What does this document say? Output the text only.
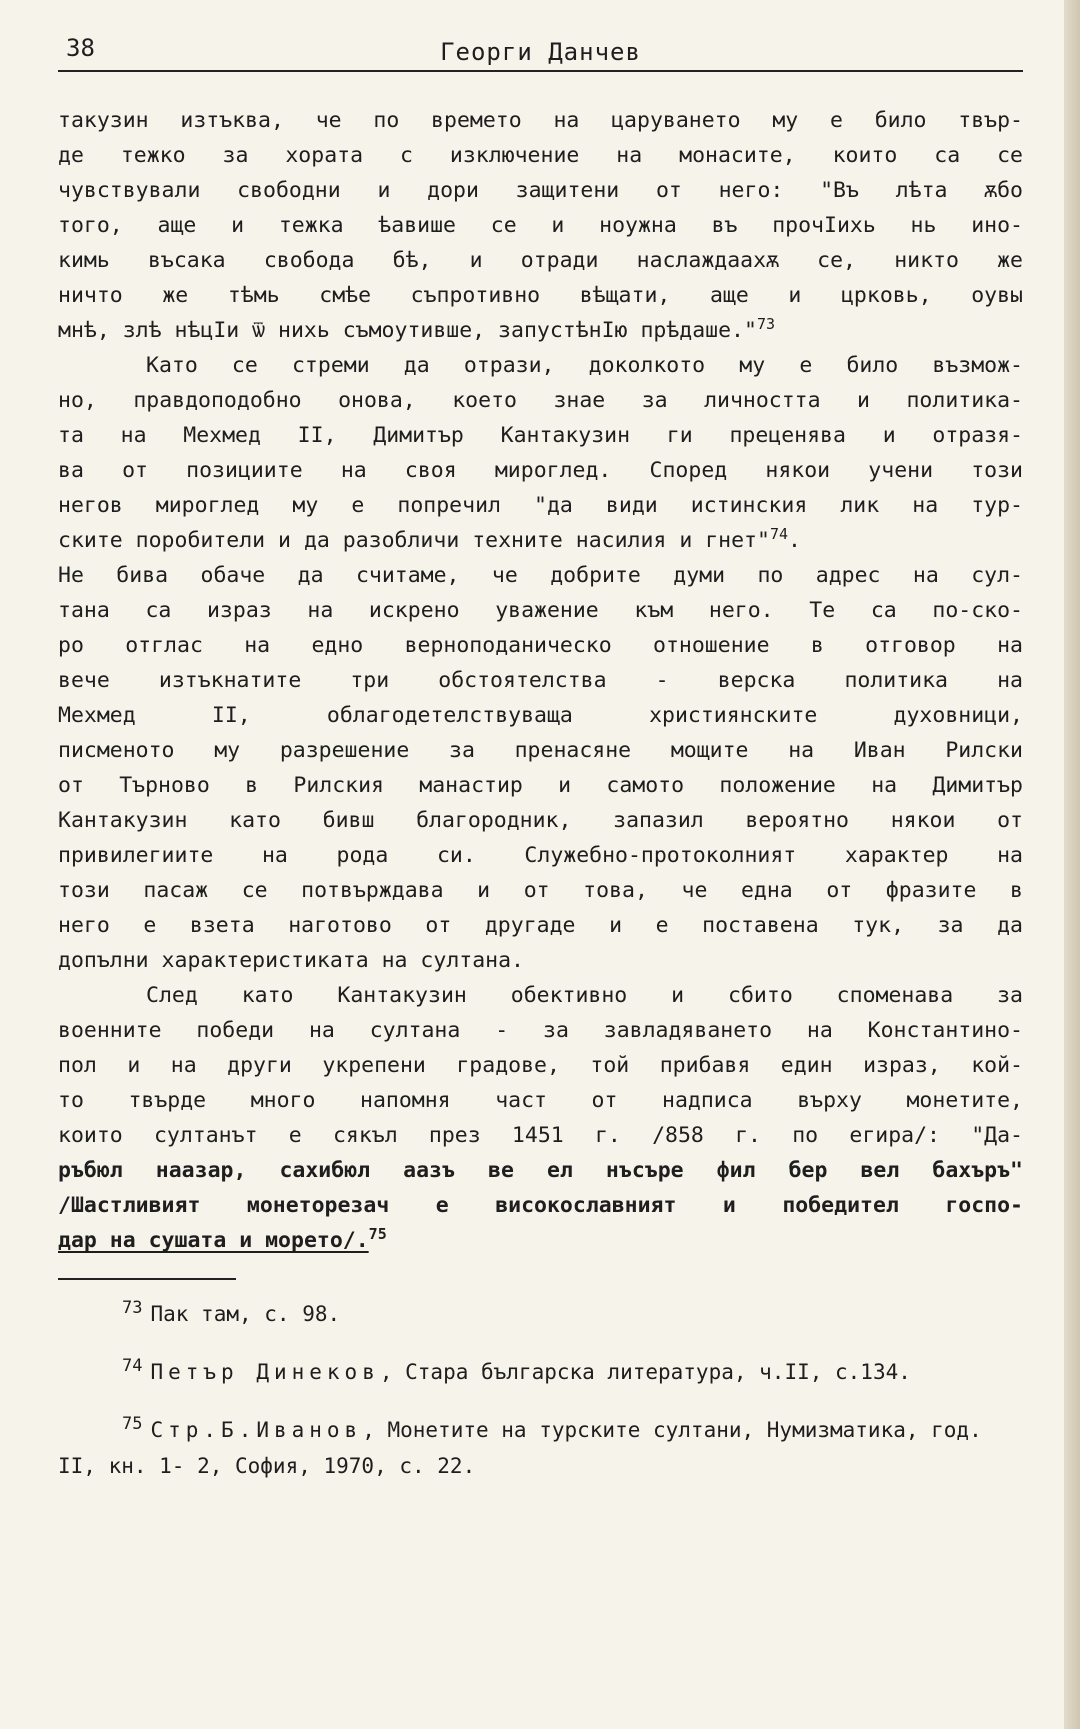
38	Георги Данчев
такузин изтъква, че по времето на царуването му е било твър-
де тежко за хората с изключение на монасите, които са се
чувствували свободни и дори защитени от него: "Въ лѣта ѫбо
того, аще и тежка ѣавише се и ноужна въ прочІихь нь ино-
кимь въсака свобода бѣ, и отради наслаждаахѫ се, никто же
ничто же тѣмь смѣе съпротивно вѣщати, аще и црковь, оувы
мнѣ, злѣ нѣцІи ѿ нихь съмоутивше, запустѣнІю прѣдаше."$^{73}$
Като се стреми да отрази, доколкото му е било възмож-
но, правдоподобно онова, което знае за личността и политика-
та на Мехмед II, Димитър Кантакузин ги преценява и отразя-
ва от позициите на своя мироглед. Според някои учени този
негов мироглед му е попречил "да види истинския лик на тур-
ските поробители и да разобличи техните насилия и гнет"$^{74}$.
Не бива обаче да считаме, че добрите думи по адрес на сул-
тана са израз на искрено уважение към него. Те са по-ско-
ро отглас на едно верноподаническо отношение в отговор на
вече изтъкнатите три обстоятелства - верска политика на
Мехмед II, облагодетелствуваща християнските духовници,
писменото му разрешение за пренасяне мощите на Иван Рилски
от Търново в Рилския манастир и самото положение на Димитър
Кантакузин като бивш благородник, запазил вероятно някои от
привилегиите на рода си. Служебно-протоколният характер на
този пасаж се потвърждава и от това, че една от фразите в
него е взета наготово от другаде и е поставена тук, за да
допълни характеристиката на султана.
След като Кантакузин обективно и сбито споменава за
военните победи на султана - за завладяването на Константино-
пол и на други укрепени градове, той прибавя един израз, кой-
то твърде много напомня част от надписа върху монетите,
които султанът е сякъл през 1451 г. /858 г. по егира/: "Да-
ръбюл наазар, сахибюл аазъ ве ел нъсъре фил бер вел бахъръ"
/Шастливият монеторезач е високославният и победител госпо-
дар на сушата и морето/.$^{75}$
$^{73}$ Пак там, с. 98.
$^{74}$ Петър Динеков, Стара българска литература, ч.II, с.134.
$^{75}$ Стр.Б.Иванов, Монетите на турските султани, Нумизматика, год. II, кн. 1- 2, София, 1970, с. 22.
